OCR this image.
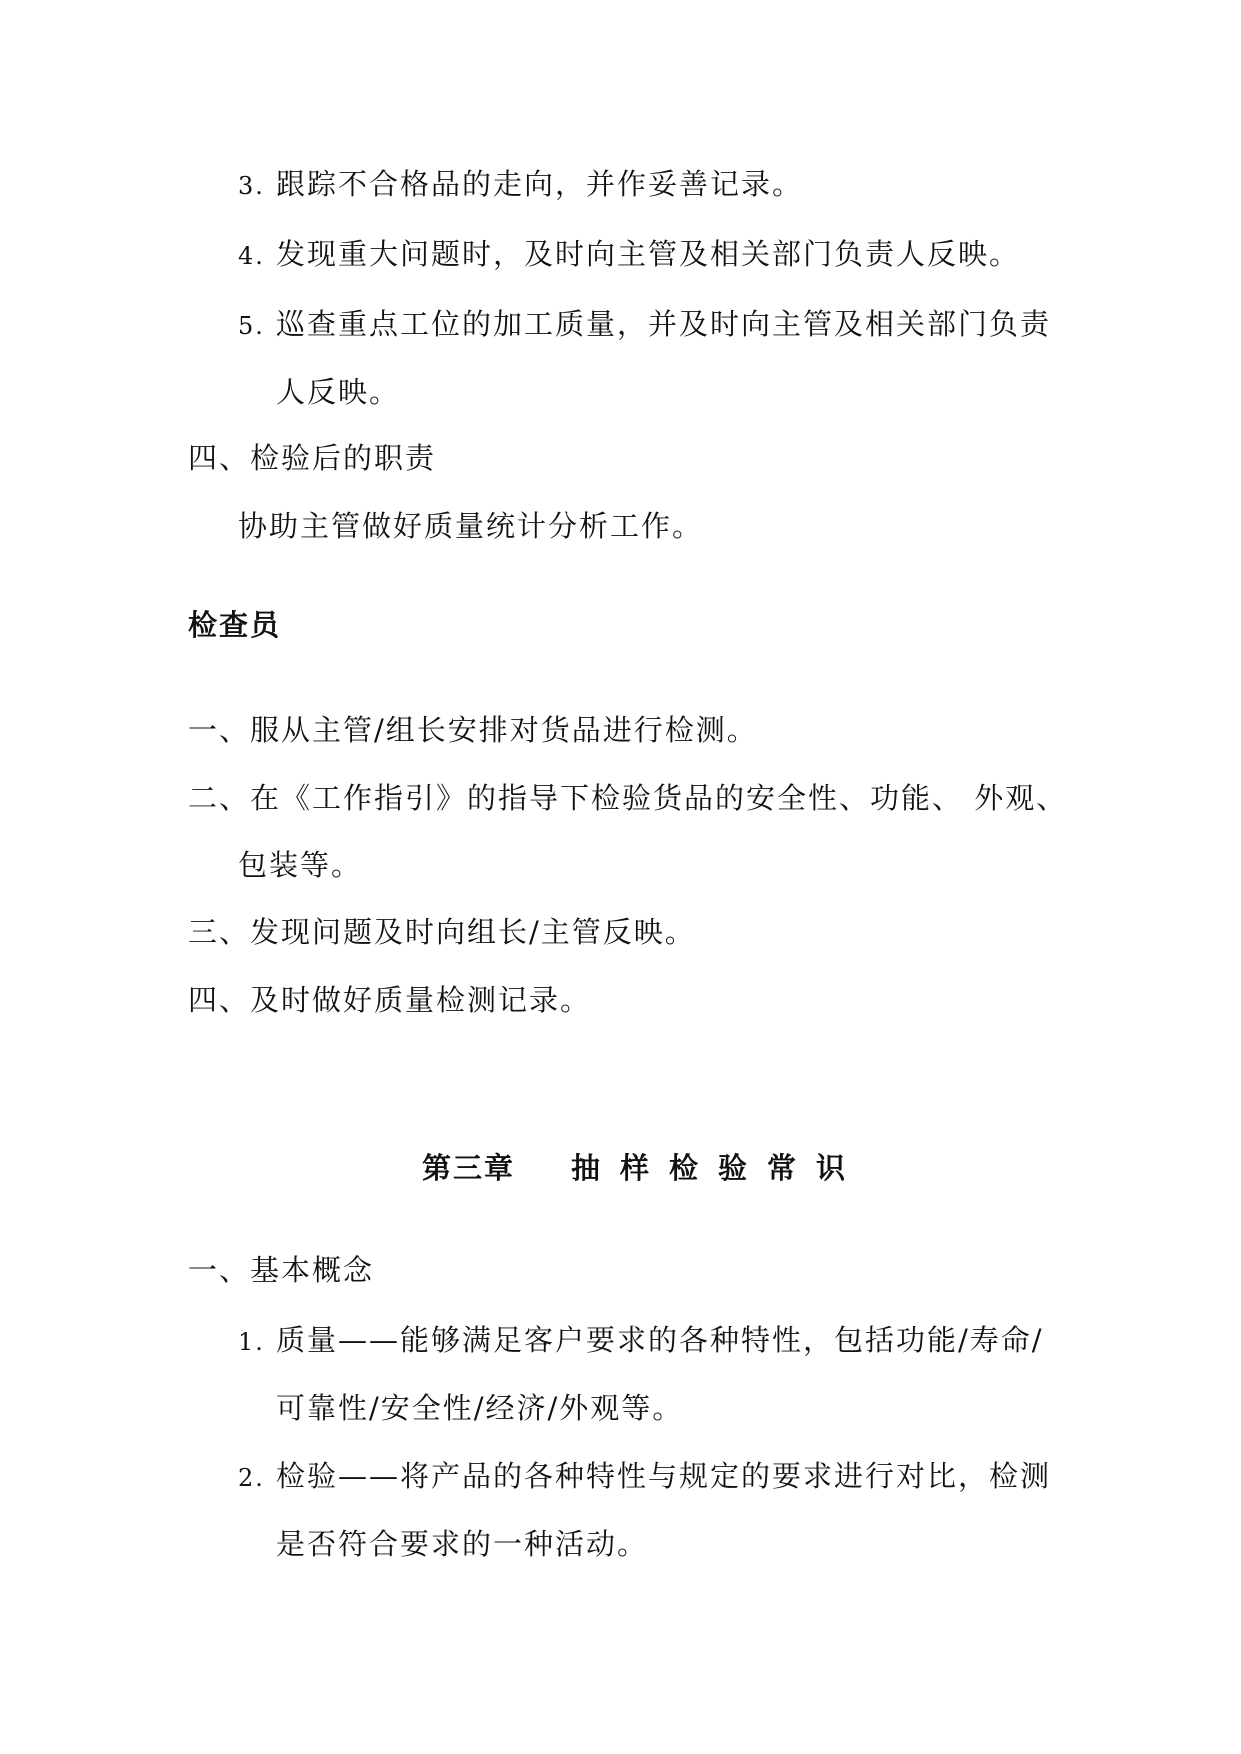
3. 跟踪不合格品的走向，并作妥善记录。
4. 发现重大问题时，及时向主管及相关部门负责人反映。
5. 巡查重点工位的加工质量，并及时向主管及相关部门负责
人反映。
四、检验后的职责
协助主管做好质量统计分析工作。
检查员
一、服从主管/组长安排对货品进行检测。
二、在《工作指引》的指导下检验货品的安全性、功能、 外观、
包装等。
三、发现问题及时向组长/主管反映。
四、及时做好质量检测记录。
第三章 抽样检验常识
一、基本概念
1. 质量——能够满足客户要求的各种特性，包括功能/寿命/
可靠性/安全性/经济/外观等。
2. 检验——将产品的各种特性与规定的要求进行对比，检测
是否符合要求的一种活动。
